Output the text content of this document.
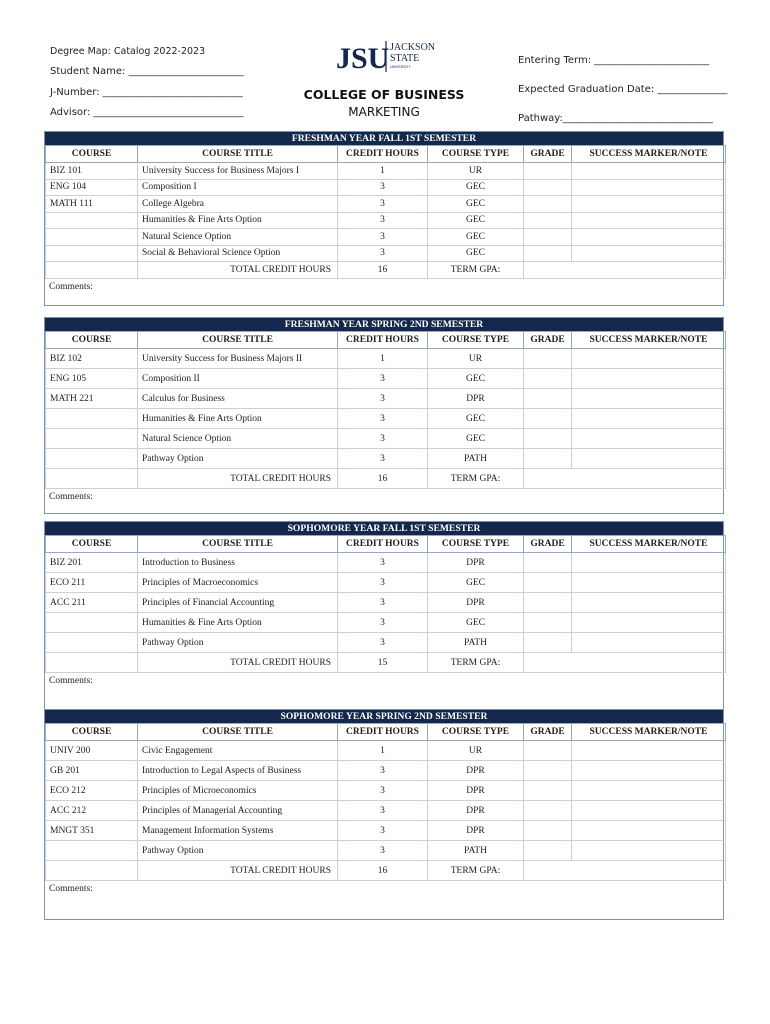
Degree Map: Catalog 2022-2023
Student Name: _______________________
J-Number: ____________________________
Advisor: ______________________________
Entering Term: _______________________
Expected Graduation Date: ______________
Pathway:______________________________
JSU JACKSON
STATE
UNIVERSITY
COLLEGE OF BUSINESS
MARKETING
FRESHMAN YEAR FALL 1ST SEMESTER
COURSE	COURSE TITLE	CREDIT HOURS	COURSE TYPE	GRADE	SUCCESS MARKER/NOTE
BIZ 101	University Success for Business Majors I	1	UR		
ENG 104	Composition I	3	GEC		
MATH 111	College Algebra	3	GEC		
	Humanities & Fine Arts Option	3	GEC		
	Natural Science Option	3	GEC		
	Social & Behavioral Science Option	3	GEC		
	TOTAL CREDIT HOURS	16	TERM GPA:		
Comments:
FRESHMAN YEAR SPRING 2ND SEMESTER
COURSE	COURSE TITLE	CREDIT HOURS	COURSE TYPE	GRADE	SUCCESS MARKER/NOTE
BIZ 102	University Success for Business Majors II	1	UR		
ENG 105	Composition II	3	GEC		
MATH 221	Calculus for Business	3	DPR		
	Humanities & Fine Arts Option	3	GEC		
	Natural Science Option	3	GEC		
	Pathway Option	3	PATH		
	TOTAL CREDIT HOURS	16	TERM GPA:		
Comments:
SOPHOMORE YEAR FALL 1ST SEMESTER
COURSE	COURSE TITLE	CREDIT HOURS	COURSE TYPE	GRADE	SUCCESS MARKER/NOTE
BIZ 201	Introduction to Business	3	DPR		
ECO 211	Principles of Macroeconomics	3	GEC		
ACC 211	Principles of Financial Accounting	3	DPR		
	Humanities & Fine Arts Option	3	GEC		
	Pathway Option	3	PATH		
	TOTAL CREDIT HOURS	15	TERM GPA:		
Comments:
SOPHOMORE YEAR SPRING 2ND SEMESTER
COURSE	COURSE TITLE	CREDIT HOURS	COURSE TYPE	GRADE	SUCCESS MARKER/NOTE
UNIV 200	Civic Engagement	1	UR		
GB 201	Introduction to Legal Aspects of Business	3	DPR		
ECO 212	Principles of Microeconomics	3	DPR		
ACC 212	Principles of Managerial Accounting	3	DPR		
MNGT 351	Management Information Systems	3	DPR		
	Pathway Option	3	PATH		
	TOTAL CREDIT HOURS	16	TERM GPA:		
Comments:
